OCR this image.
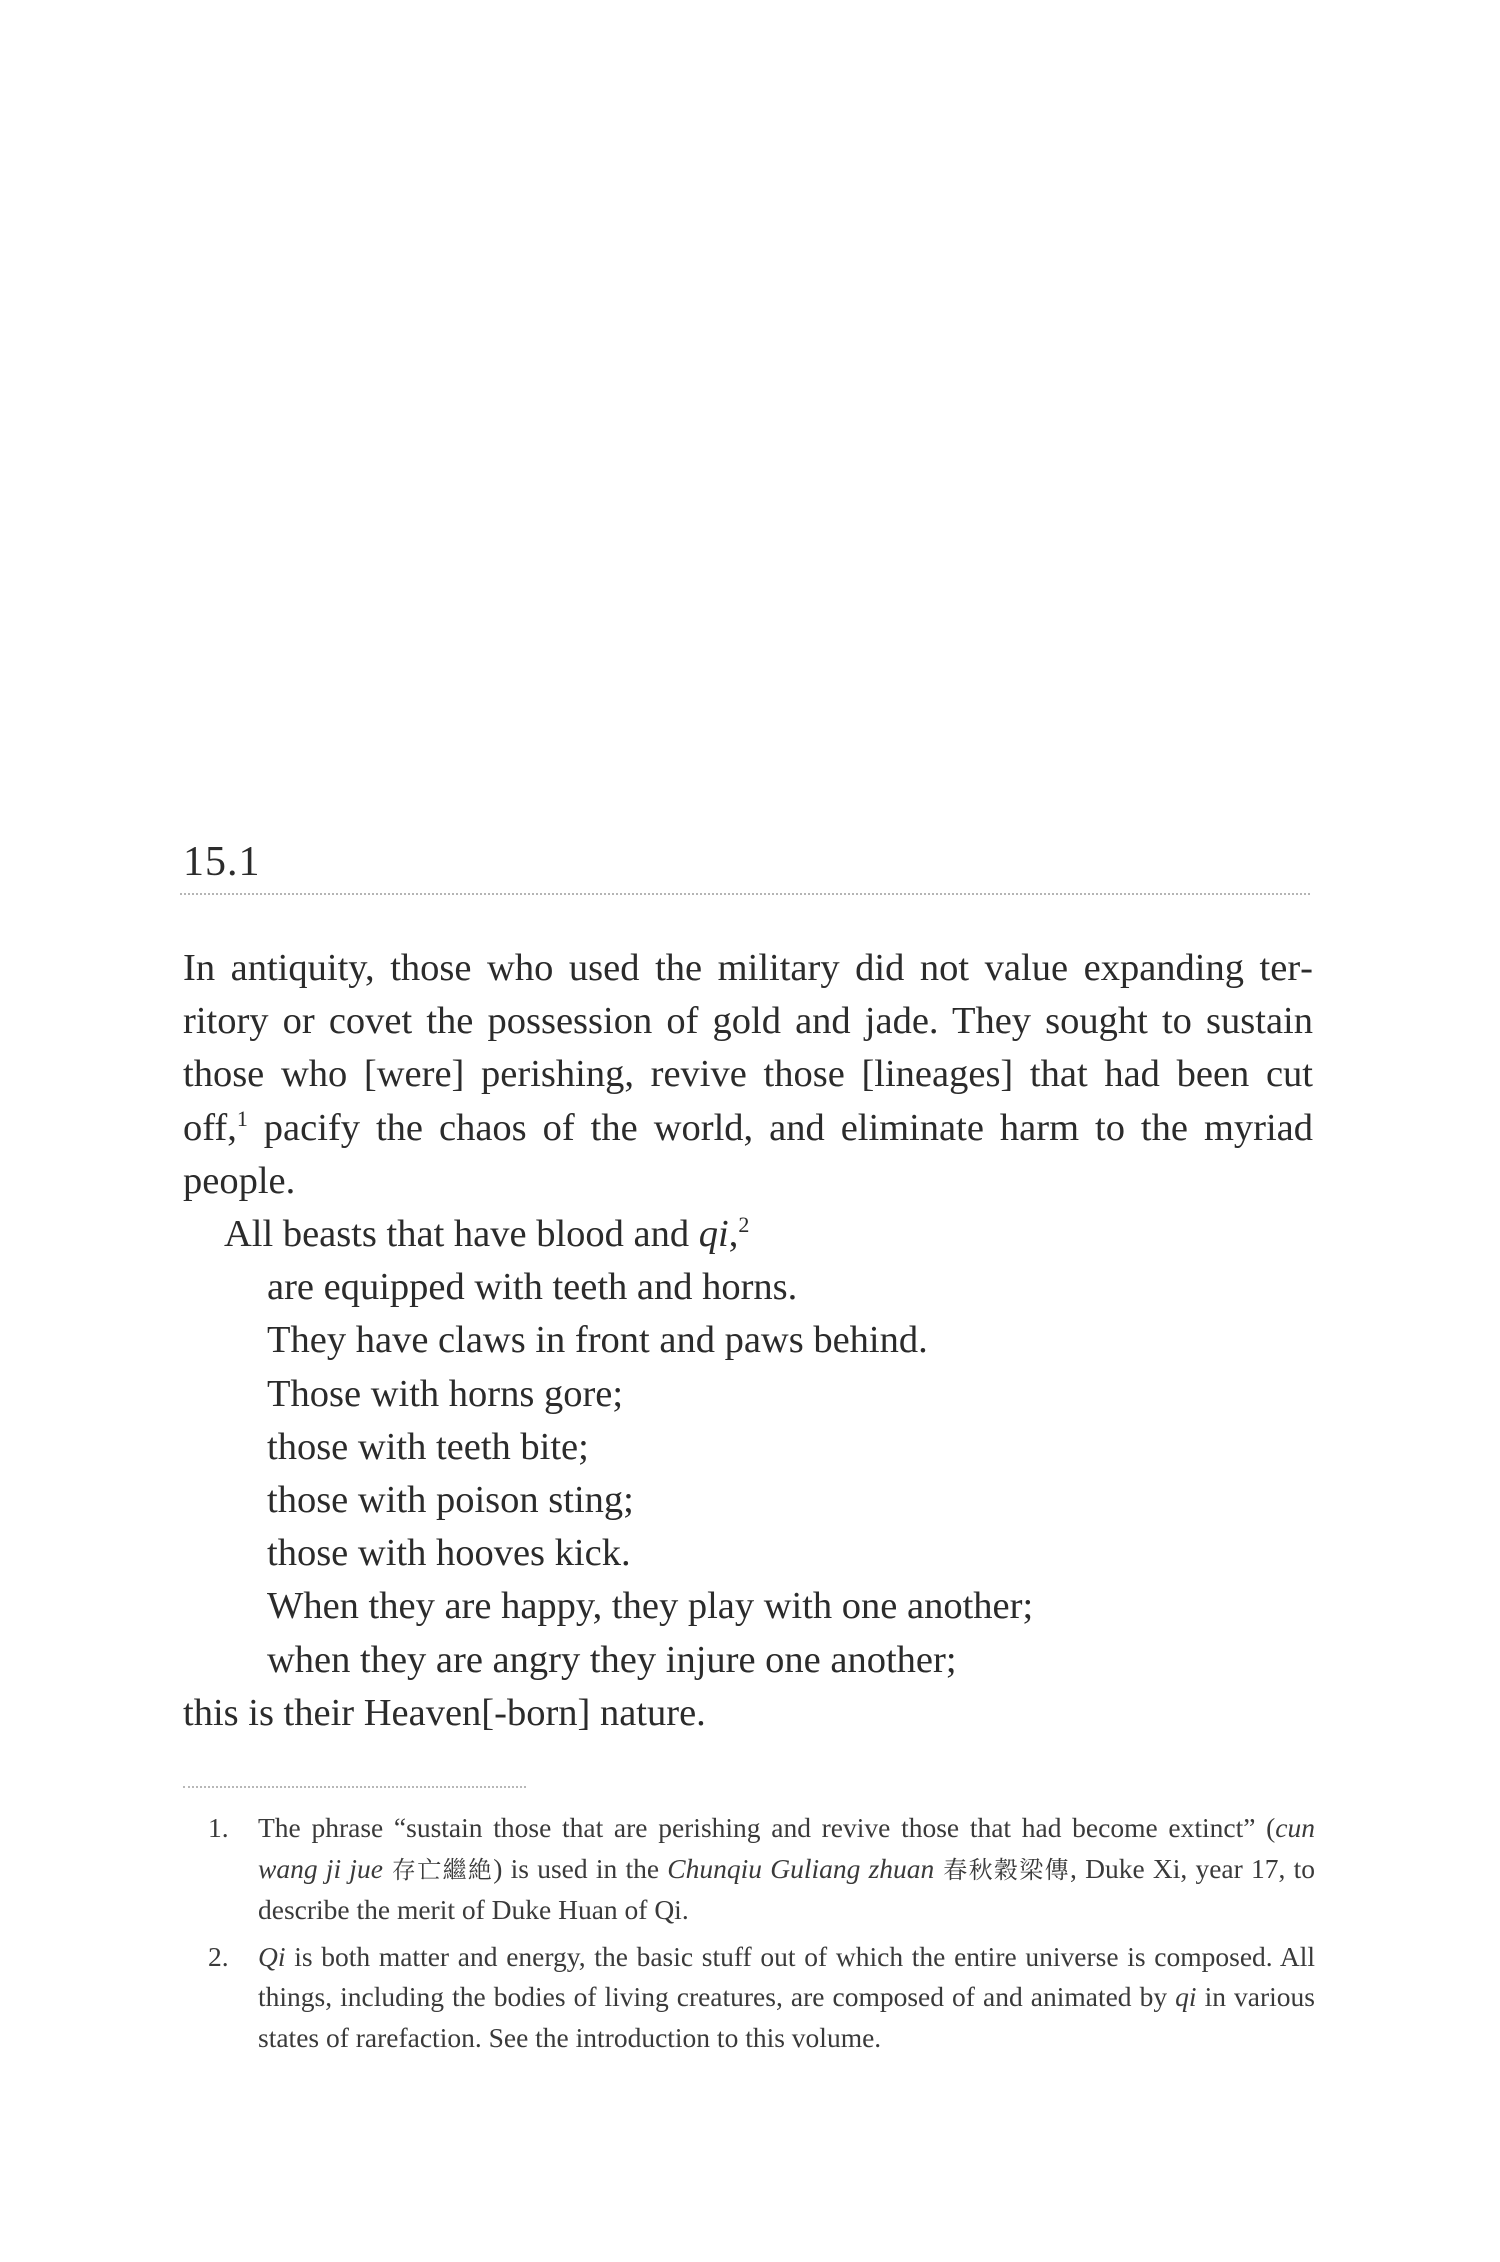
15.1

In antiquity, those who used the military did not value expanding territory or covet the possession of gold and jade. They sought to sustain those who [were] perishing, revive those [lineages] that had been cut off,$^1$ pacify the chaos of the world, and eliminate harm to the myriad people.

All beasts that have blood and qi,$^2$

are equipped with teeth and horns.

They have claws in front and paws behind.

Those with horns gore;

those with teeth bite;

those with poison sting;

those with hooves kick.

When they are happy, they play with one another;

when they are angry they injure one another;

this is their Heaven[-born] nature.

1. The phrase “sustain those that are perishing and revive those that had become extinct” (cun wang ji jue 存亡繼絶) is used in the Chunqiu Guliang zhuan 春秋穀梁傳, Duke Xi, year 17, to describe the merit of Duke Huan of Qi.

2. Qi is both matter and energy, the basic stuff out of which the entire universe is composed. All things, including the bodies of living creatures, are composed of and animated by qi in various states of rarefaction. See the introduction to this volume.
